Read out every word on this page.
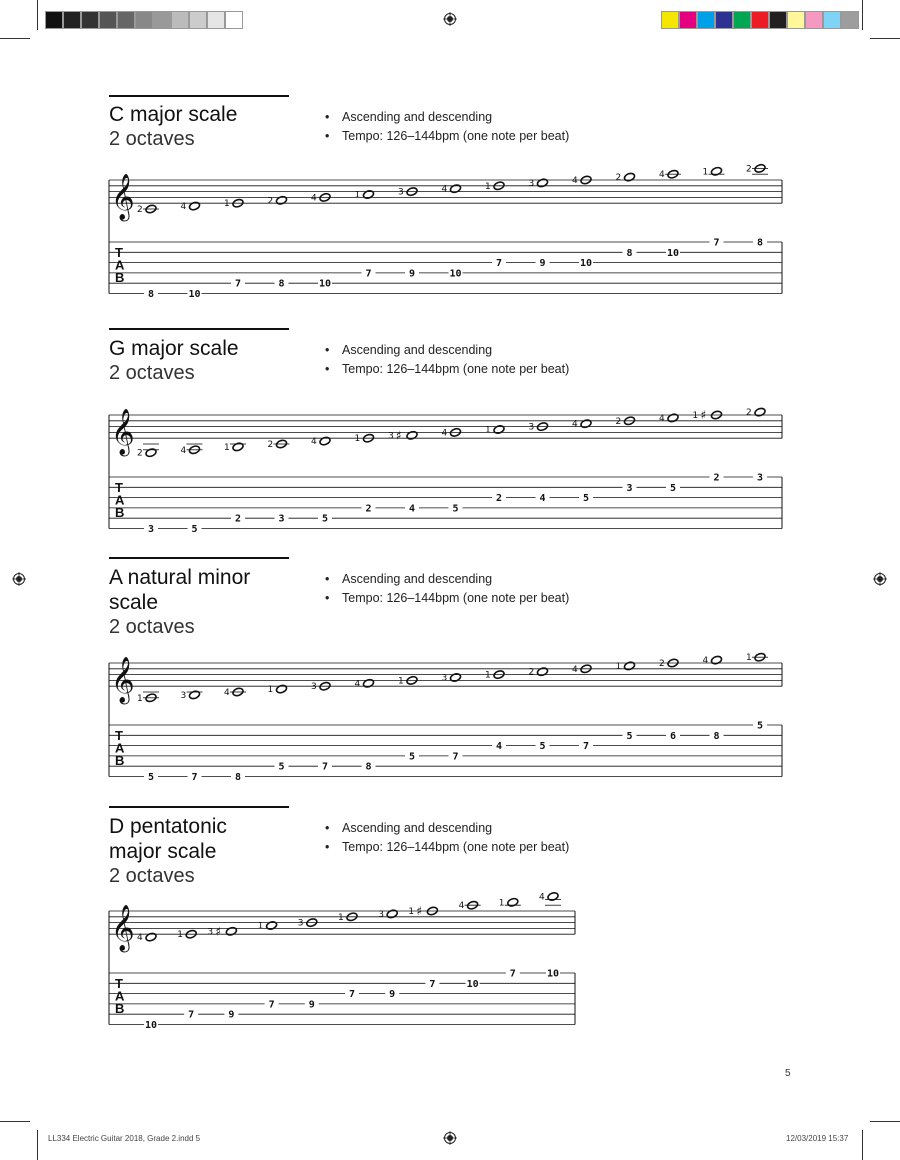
C major scale
2 octaves
• Ascending and descending
• Tempo: 126–144bpm (one note per beat)
𝄞
T
A
B
2
8
4
10
1
7
2
8
4
10
1
7
3
9
4
10
1
7
3
9
4
10
2
8
4
10
1
7
2
8
G major scale
2 octaves
• Ascending and descending
• Tempo: 126–144bpm (one note per beat)
𝄞
T
A
B
2
3
4
5
1
2
2
3
4
5
1
2
♯
3
4
4
5
1
2
3
4
4
5
2
3
4
5
♯
1
2
2
3
A natural minor scale
2 octaves
• Ascending and descending
• Tempo: 126–144bpm (one note per beat)
𝄞
T
A
B
1
5
3
7
4
8
1
5
3
7
4
8
1
5
3
7
1
4
2
5
4
7
1
5
2
6
4
8
1
5
D pentatonic major scale
2 octaves
• Ascending and descending
• Tempo: 126–144bpm (one note per beat)
𝄞
T
A
B
4
10
1
7
♯
3
9
1
7
3
9
1
7
3
9
♯
1
7
4
10
1
7
4
10
5
LL334 Electric Guitar 2018, Grade 2.indd 5	12/03/2019 15:37
